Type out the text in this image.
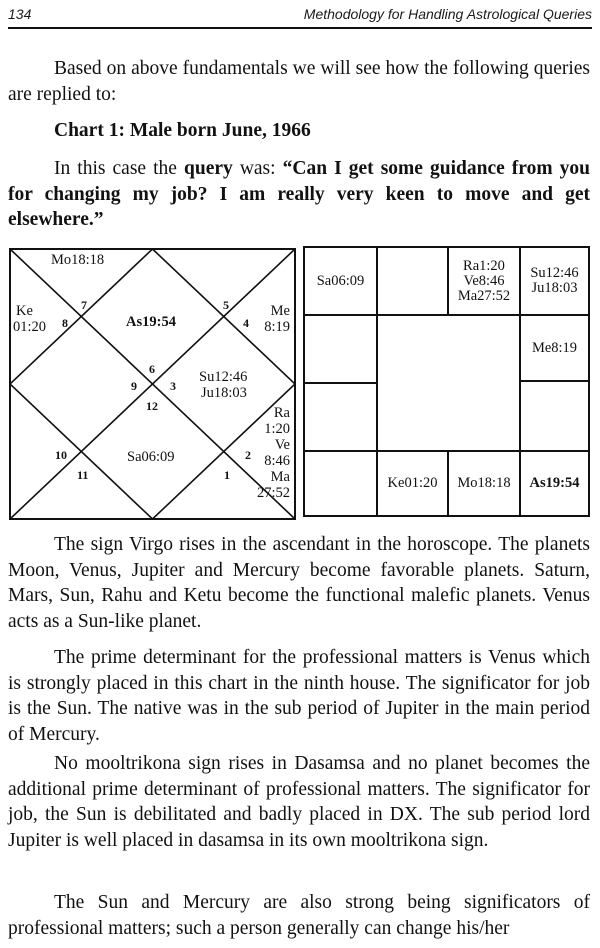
134	Methodology for Handling Astrological Queries

Based on above fundamentals we will see how the following queries are replied to:

Chart 1: Male born June, 1966

In this case the query was: “Can I get some guidance from you for changing my job? I am really very keen to move and get elsewhere.”

Mo18:18
As19:54
Ke
01:20
Me
8:19
Su12:46
Ju18:03
Sa06:09
Ra
1:20
Ve
8:46
Ma
27:52
7
8
5
4
6
9	3
12
10
11
2
1
Sa06:09
Ra1:20
Ve8:46
Ma27:52
Su12:46
Ju18:03
Me8:19
Ke01:20 Mo18:18 As19:54

The sign Virgo rises in the ascendant in the horoscope. The planets Moon, Venus, Jupiter and Mercury become favorable planets. Saturn, Mars, Sun, Rahu and Ketu become the functional malefic planets. Venus acts as a Sun-like planet.

The prime determinant for the professional matters is Venus which is strongly placed in this chart in the ninth house. The significator for job is the Sun. The native was in the sub period of Jupiter in the main period of Mercury.

No mooltrikona sign rises in Dasamsa and no planet becomes the additional prime determinant of professional matters. The significator for job, the Sun is debilitated and badly placed in DX. The sub period lord Jupiter is well placed in dasamsa in its own mooltrikona sign.

The Sun and Mercury are also strong being significators of professional matters; such a person generally can change his/her
